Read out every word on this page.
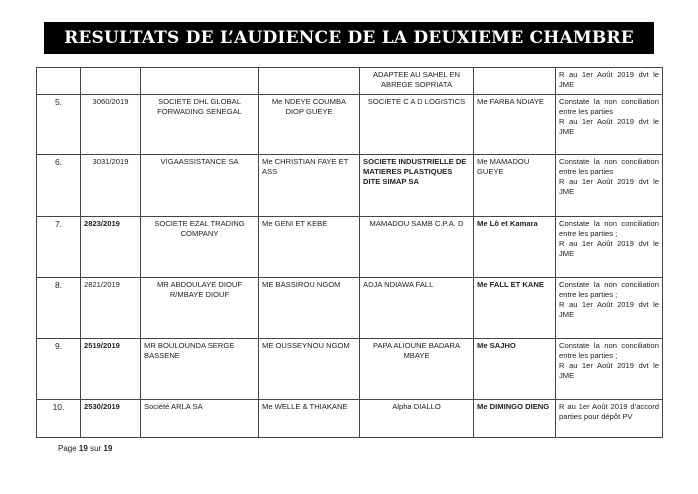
RESULTATS DE L’AUDIENCE DE LA DEUXIEME CHAMBRE
				ADAPTEE AU SAHEL EN ABREGE SOPRIATA		R au 1er Août 2019 dvt le JME

5.	3060/2019	SOCIETE DHL GLOBAL FORWADING SENEGAL	Me NDEYE COUMBA DIOP GUEYE	SOCIETE C A D LOGISTICS	Me FARBA NDIAYE	Constate la non conciliation entre les parties
R au 1er Août 2019 dvt le JME

6.	3031/2019	VIGAASSISTANCE SA	Me CHRISTIAN FAYE ET ASS	SOCIETE INDUSTRIELLE DE MATIERES PLASTIQUES DITE SIMAP SA	Me MAMADOU GUEYE	Constate la non conciliation entre les parties
R au 1er Août 2019 dvt le JME

7.	2823/2019	SOCIETE EZAL TRADING COMPANY	Me GENI ET KEBE	MAMADOU SAMB C.P.A. D	Me Lô et Kamara	Constate la non conciliation entre les parties ;
R au 1er Août 2019 dvt le JME

8.	2821/2019	MR ABDOULAYE DIOUF R/MBAYE DIOUF	ME BASSIROU NGOM	ADJA NDIAWA FALL	Me FALL ET KANE	Constate la non conciliation entre les parties ;
R au 1er Août 2019 dvt le JME

9.	2519/2019	MR BOULOUNDA SERGE BASSENE	ME OUSSEYNOU NGOM	PAPA ALIOUNE BADARA MBAYE	Me SAJHO	Constate la non conciliation entre les parties ;
R au 1er Août 2019 dvt le JME

10.	2530/2019	Société ARLA SA	Me WELLE & THIAKANE	Alpha DIALLO	Me DIMINGO DIENG	R au 1er Août 2019 d’accord parties pour dépôt PV
Page 19 sur 19
